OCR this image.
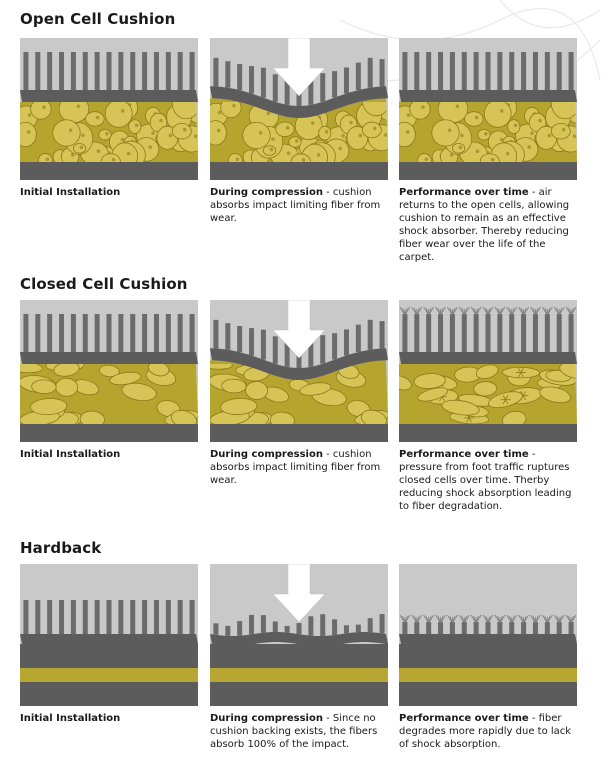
Open Cell Cushion
Initial Installation	During compression - cushion absorbs impact limiting fiber from wear.
Performance over time - air returns to the open cells, allowing cushion to remain as an effective shock absorber. Thereby reducing fiber wear over the life of the carpet.
Closed Cell Cushion
Initial Installation	During compression - cushion absorbs impact limiting fiber from wear.
Performance over time - pressure from foot traffic ruptures closed cells over time. Therby reducing shock absorption leading to fiber degradation.
Hardback
Initial Installation	During compression - Since no cushion backing exists, the fibers absorb 100% of the impact.
Performance over time - fiber degrades more rapidly due to lack of shock absorption.
